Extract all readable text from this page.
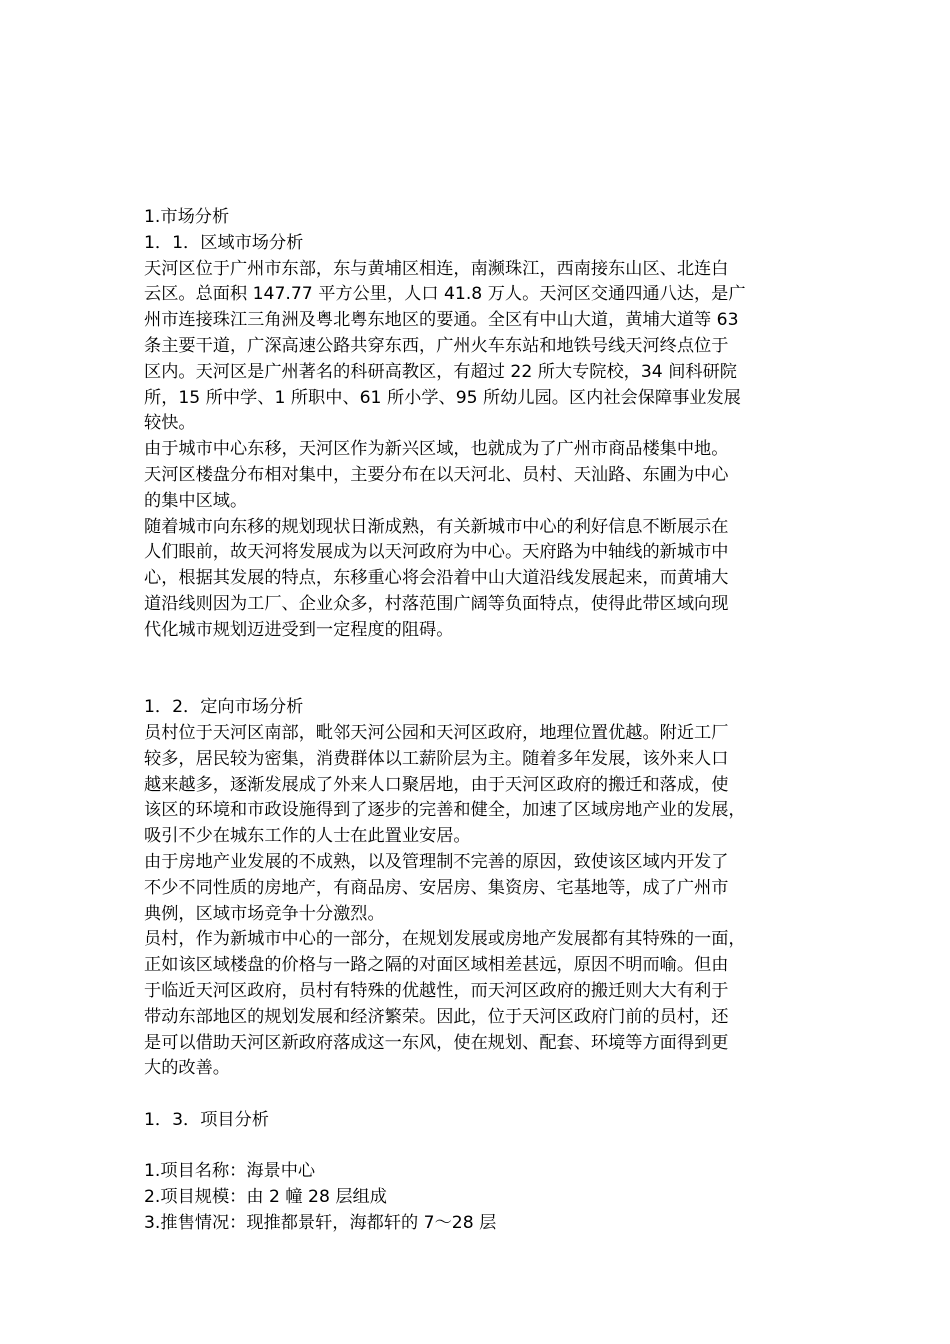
1.市场分析
1．1．区域市场分析
天河区位于广州市东部，东与黄埔区相连，南濒珠江，西南接东山区、北连白
云区。总面积 147.77 平方公里，人口 41.8 万人。天河区交通四通八达，是广
州市连接珠江三角洲及粤北粤东地区的要通。全区有中山大道，黄埔大道等 63
条主要干道，广深高速公路共穿东西，广州火车东站和地铁号线天河终点位于
区内。天河区是广州著名的科研高教区，有超过 22 所大专院校，34 间科研院
所，15 所中学、1 所职中、61 所小学、95 所幼儿园。区内社会保障事业发展
较快。
由于城市中心东移，天河区作为新兴区域，也就成为了广州市商品楼集中地。
天河区楼盘分布相对集中，主要分布在以天河北、员村、天汕路、东圃为中心
的集中区域。
随着城市向东移的规划现状日渐成熟，有关新城市中心的利好信息不断展示在
人们眼前，故天河将发展成为以天河政府为中心。天府路为中轴线的新城市中
心，根据其发展的特点，东移重心将会沿着中山大道沿线发展起来，而黄埔大
道沿线则因为工厂、企业众多，村落范围广阔等负面特点，使得此带区域向现
代化城市规划迈进受到一定程度的阻碍。
1．2．定向市场分析
员村位于天河区南部，毗邻天河公园和天河区政府，地理位置优越。附近工厂
较多，居民较为密集，消费群体以工薪阶层为主。随着多年发展，该外来人口
越来越多，逐渐发展成了外来人口聚居地，由于天河区政府的搬迁和落成，使
该区的环境和市政设施得到了逐步的完善和健全，加速了区域房地产业的发展，
吸引不少在城东工作的人士在此置业安居。
由于房地产业发展的不成熟，以及管理制不完善的原因，致使该区域内开发了
不少不同性质的房地产，有商品房、安居房、集资房、宅基地等，成了广州市
典例，区域市场竞争十分激烈。
员村，作为新城市中心的一部分，在规划发展或房地产发展都有其特殊的一面，
正如该区域楼盘的价格与一路之隔的对面区域相差甚远，原因不明而喻。但由
于临近天河区政府，员村有特殊的优越性，而天河区政府的搬迁则大大有利于
带动东部地区的规划发展和经济繁荣。因此，位于天河区政府门前的员村，还
是可以借助天河区新政府落成这一东风，使在规划、配套、环境等方面得到更
大的改善。
1．3．项目分析
1.项目名称：海景中心
2.项目规模：由 2 幢 28 层组成
3.推售情况：现推都景轩，海都轩的 7～28 层
